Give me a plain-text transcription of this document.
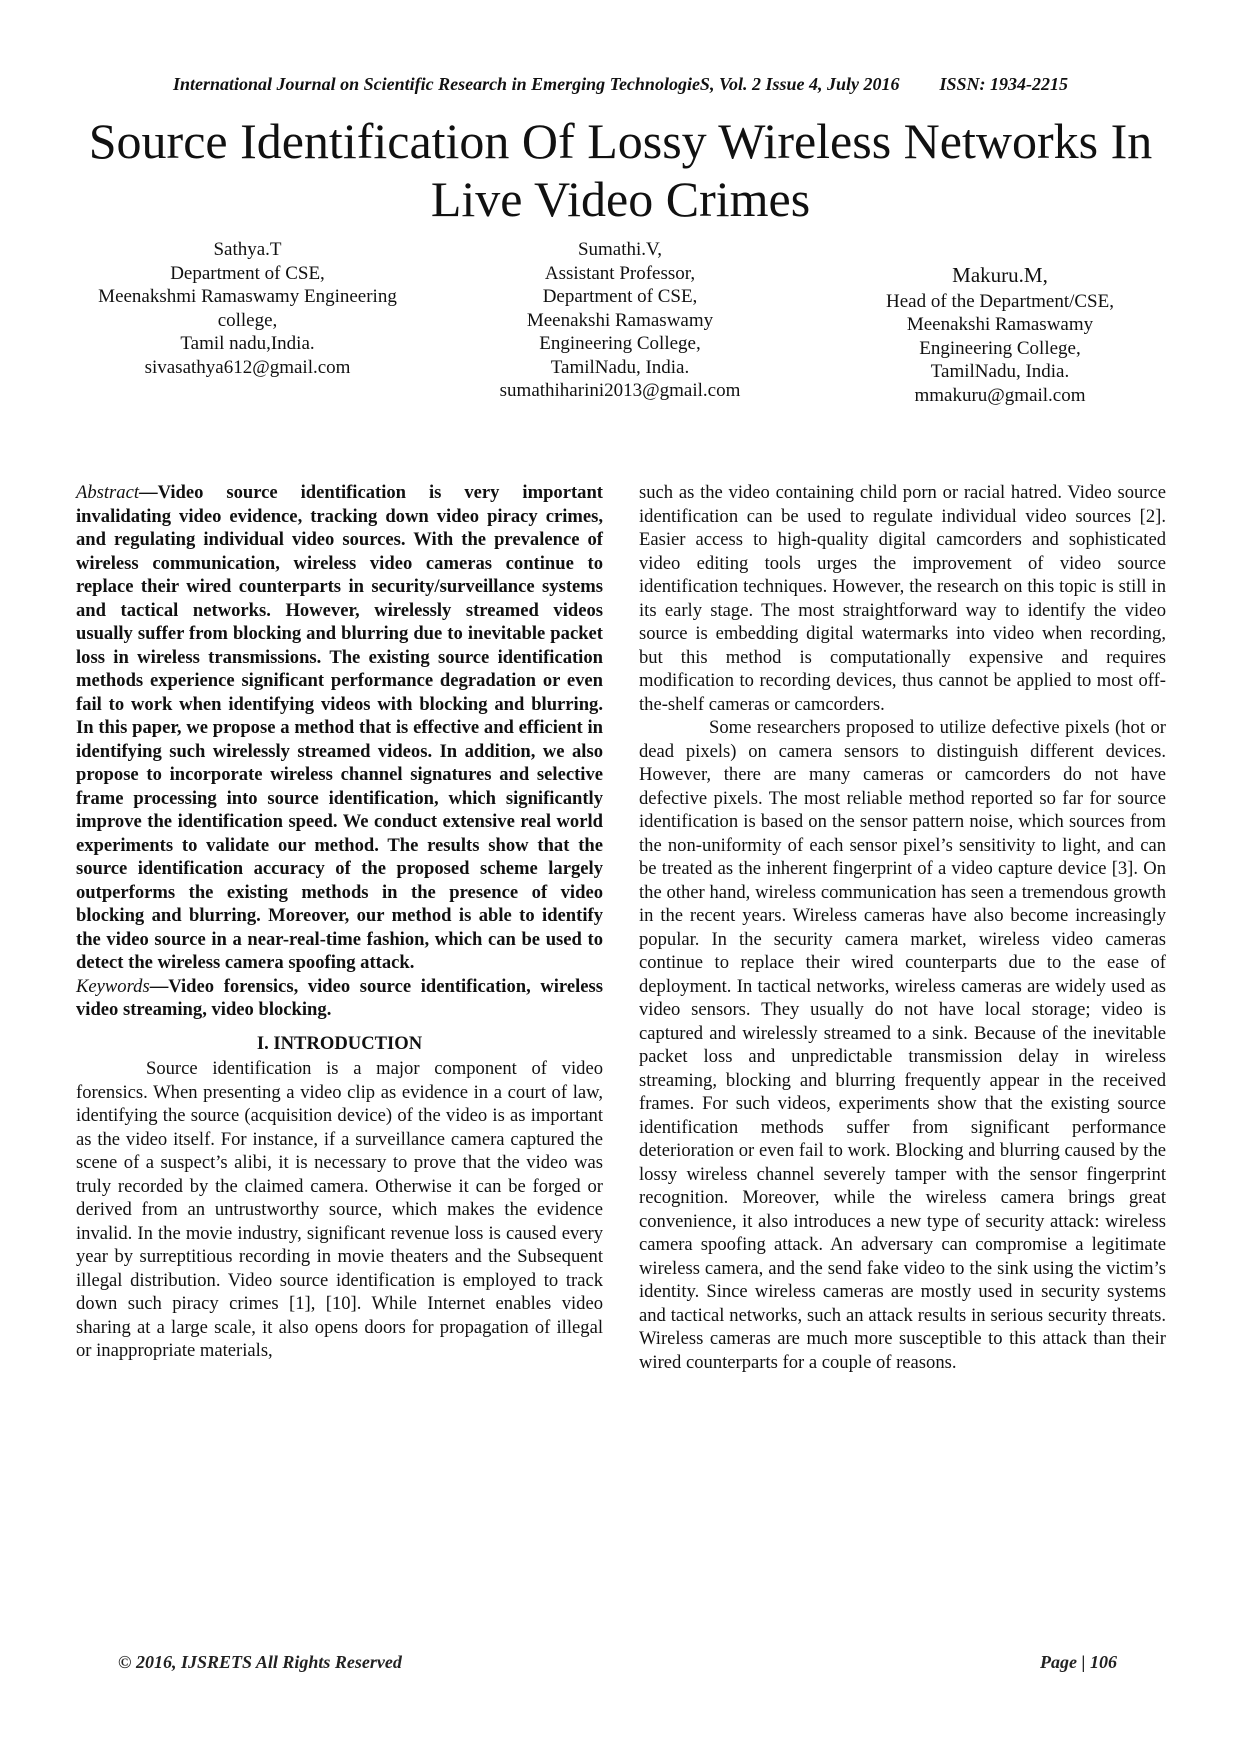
International Journal on Scientific Research in Emerging TechnologieS, Vol. 2 Issue 4, July 2016 ISSN: 1934-2215
Source Identification Of Lossy Wireless Networks In
Live Video Crimes
Sathya.T
Department of CSE,
Meenakshmi Ramaswamy Engineering
college,
Tamil nadu,India.
sivasathya612@gmail.com
Sumathi.V,
Assistant Professor,
Department of CSE,
Meenakshi Ramaswamy
Engineering College,
TamilNadu, India.
sumathiharini2013@gmail.com
Makuru.M,
Head of the Department/CSE,
Meenakshi Ramaswamy
Engineering College,
TamilNadu, India.
mmakuru@gmail.com

Abstract—Video source identification is very important invalidating video evidence, tracking down video piracy crimes, and regulating individual video sources. With the prevalence of wireless communication, wireless video cameras continue to replace their wired counterparts in security/surveillance systems and tactical networks. However, wirelessly streamed videos usually suffer from blocking and blurring due to inevitable packet loss in wireless transmissions. The existing source identification methods experience significant performance degradation or even fail to work when identifying videos with blocking and blurring. In this paper, we propose a method that is effective and efficient in identifying such wirelessly streamed videos. In addition, we also propose to incorporate wireless channel signatures and selective frame processing into source identification, which significantly improve the identification speed. We conduct extensive real world experiments to validate our method. The results show that the source identification accuracy of the proposed scheme largely outperforms the existing methods in the presence of video blocking and blurring. Moreover, our method is able to identify the video source in a near-real-time fashion, which can be used to detect the wireless camera spoofing attack.

Keywords—Video forensics, video source identification, wireless video streaming, video blocking.

I. INTRODUCTION

Source identification is a major component of video forensics. When presenting a video clip as evidence in a court of law, identifying the source (acquisition device) of the video is as important as the video itself. For instance, if a surveillance camera captured the scene of a suspect’s alibi, it is necessary to prove that the video was truly recorded by the claimed camera. Otherwise it can be forged or derived from an untrustworthy source, which makes the evidence invalid. In the movie industry, significant revenue loss is caused every year by surreptitious recording in movie theaters and the Subsequent illegal distribution. Video source identification is employed to track down such piracy crimes [1], [10]. While Internet enables video sharing at a large scale, it also opens doors for propagation of illegal or inappropriate materials,

such as the video containing child porn or racial hatred. Video source identification can be used to regulate individual video sources [2]. Easier access to high-quality digital camcorders and sophisticated video editing tools urges the improvement of video source identification techniques. However, the research on this topic is still in its early stage. The most straightforward way to identify the video source is embedding digital watermarks into video when recording, but this method is computationally expensive and requires modification to recording devices, thus cannot be applied to most off-the-shelf cameras or camcorders.

Some researchers proposed to utilize defective pixels (hot or dead pixels) on camera sensors to distinguish different devices. However, there are many cameras or camcorders do not have defective pixels. The most reliable method reported so far for source identification is based on the sensor pattern noise, which sources from the non-uniformity of each sensor pixel’s sensitivity to light, and can be treated as the inherent fingerprint of a video capture device [3]. On the other hand, wireless communication has seen a tremendous growth in the recent years. Wireless cameras have also become increasingly popular. In the security camera market, wireless video cameras continue to replace their wired counterparts due to the ease of deployment. In tactical networks, wireless cameras are widely used as video sensors. They usually do not have local storage; video is captured and wirelessly streamed to a sink. Because of the inevitable packet loss and unpredictable transmission delay in wireless streaming, blocking and blurring frequently appear in the received frames. For such videos, experiments show that the existing source identification methods suffer from significant performance deterioration or even fail to work. Blocking and blurring caused by the lossy wireless channel severely tamper with the sensor fingerprint recognition. Moreover, while the wireless camera brings great convenience, it also introduces a new type of security attack: wireless camera spoofing attack. An adversary can compromise a legitimate wireless camera, and the send fake video to the sink using the victim’s identity. Since wireless cameras are mostly used in security systems and tactical networks, such an attack results in serious security threats. Wireless cameras are much more susceptible to this attack than their wired counterparts for a couple of reasons.

© 2016, IJSRETS All Rights Reserved	Page | 106
